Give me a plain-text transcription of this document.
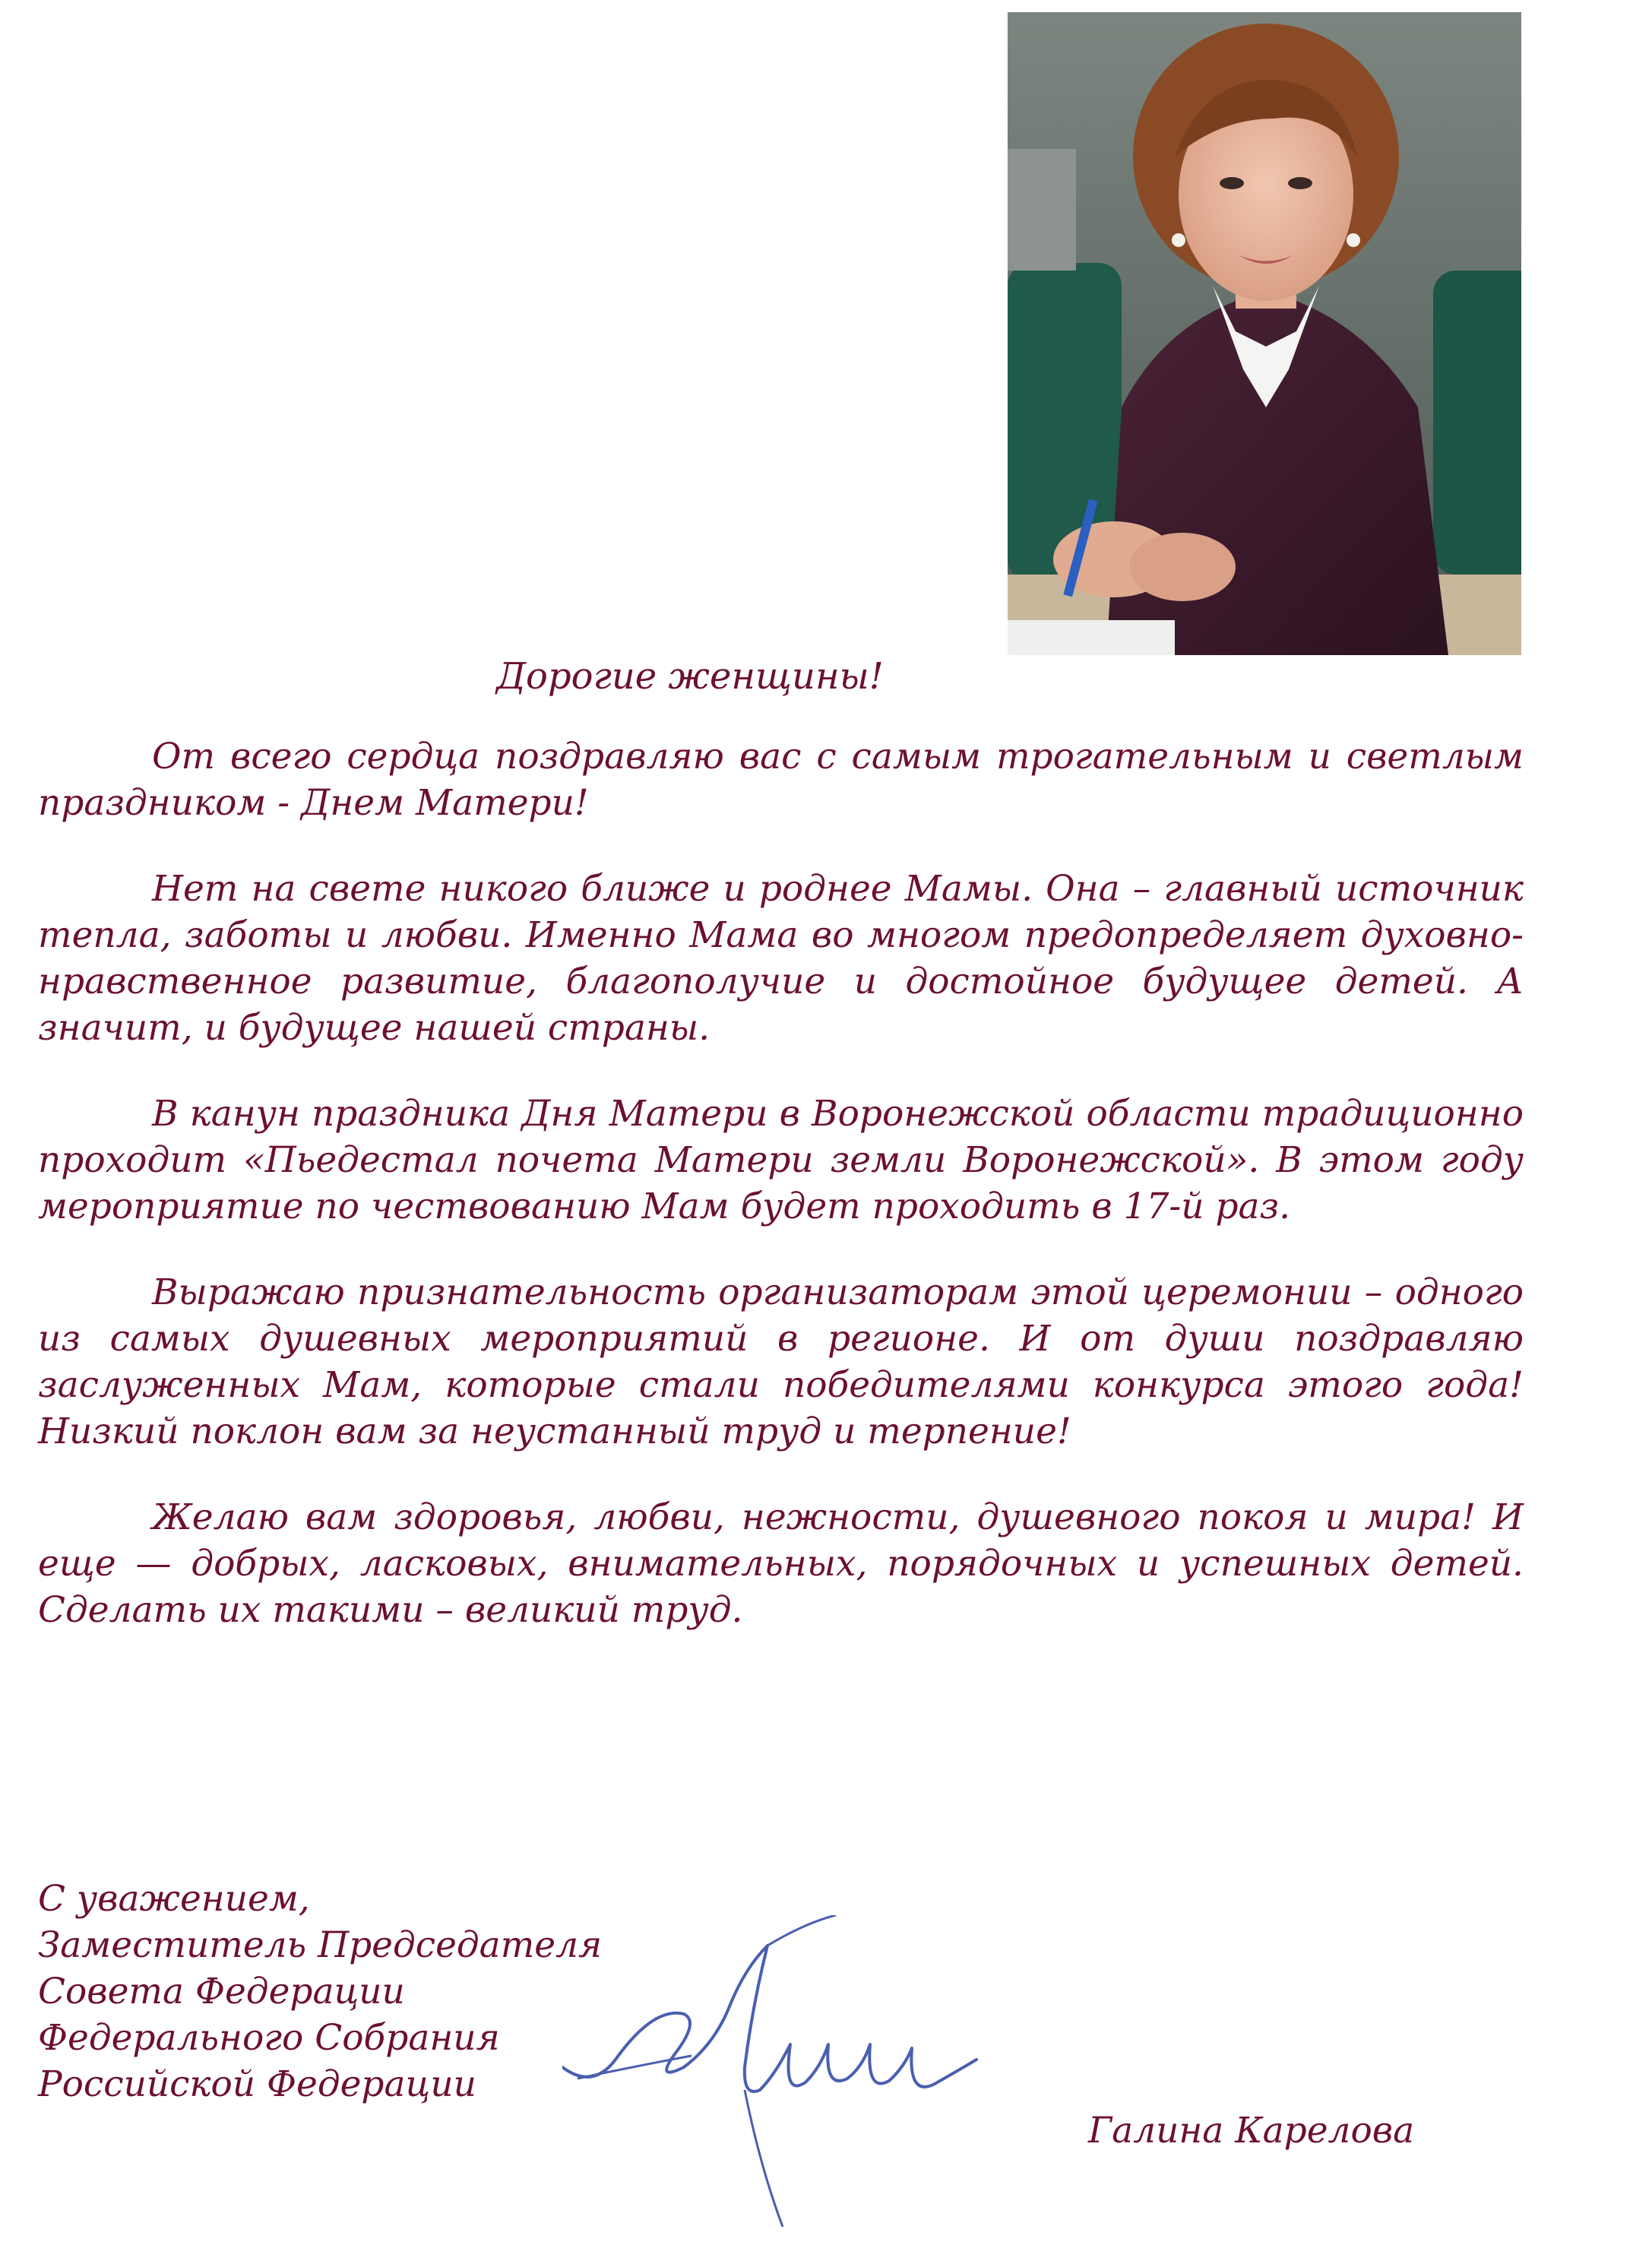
Дорогие женщины!

От всего сердца поздравляю вас с самым трогательным и светлым праздником - Днем Матери!

Нет на свете никого ближе и роднее Мамы. Она – главный источник тепла, заботы и любви. Именно Мама во многом предопределяет духовно-нравственное развитие, благополучие и достойное будущее детей. А значит, и будущее нашей страны.

В канун праздника Дня Матери в Воронежской области традиционно проходит «Пьедестал почета Матери земли Воронежской». В этом году мероприятие по чествованию Мам будет проходить в 17-й раз.

Выражаю признательность организаторам этой церемонии – одного из самых душевных мероприятий в регионе. И от души поздравляю заслуженных Мам, которые стали победителями конкурса этого года! Низкий поклон вам за неустанный труд и терпение!

Желаю вам здоровья, любви, нежности, душевного покоя и мира! И еще — добрых, ласковых, внимательных, порядочных и успешных детей. Сделать их такими – великий труд.

С уважением,
Заместитель Председателя
Совета Федерации
Федерального Собрания
Российской Федерации
Галина Карелова
